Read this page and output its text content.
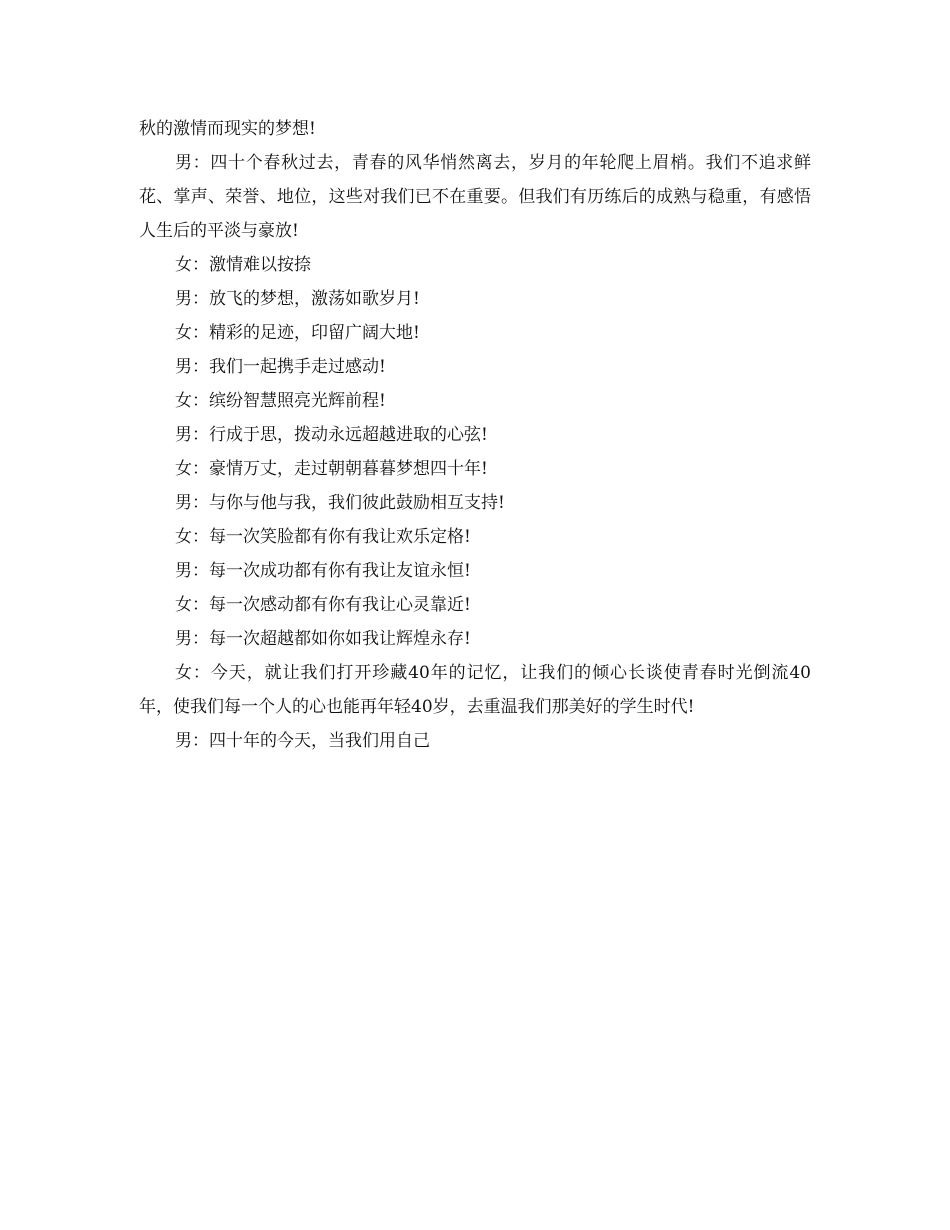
秋的激情而现实的梦想!

男：四十个春秋过去，青春的风华悄然离去，岁月的年轮爬上眉梢。我们不追求鲜花、掌声、荣誉、地位，这些对我们已不在重要。但我们有历练后的成熟与稳重，有感悟人生后的平淡与豪放!

女：激情难以按捺

男：放飞的梦想，激荡如歌岁月!

女：精彩的足迹，印留广阔大地!

男：我们一起携手走过感动!

女：缤纷智慧照亮光辉前程!

男：行成于思，拨动永远超越进取的心弦!

女：豪情万丈，走过朝朝暮暮梦想四十年!

男：与你与他与我，我们彼此鼓励相互支持!

女：每一次笑脸都有你有我让欢乐定格!

男：每一次成功都有你有我让友谊永恒!

女：每一次感动都有你有我让心灵靠近!

男：每一次超越都如你如我让辉煌永存!

女：今天，就让我们打开珍藏40年的记忆，让我们的倾心长谈使青春时光倒流40年，使我们每一个人的心也能再年轻40岁，去重温我们那美好的学生时代!

男：四十年的今天，当我们用自己
